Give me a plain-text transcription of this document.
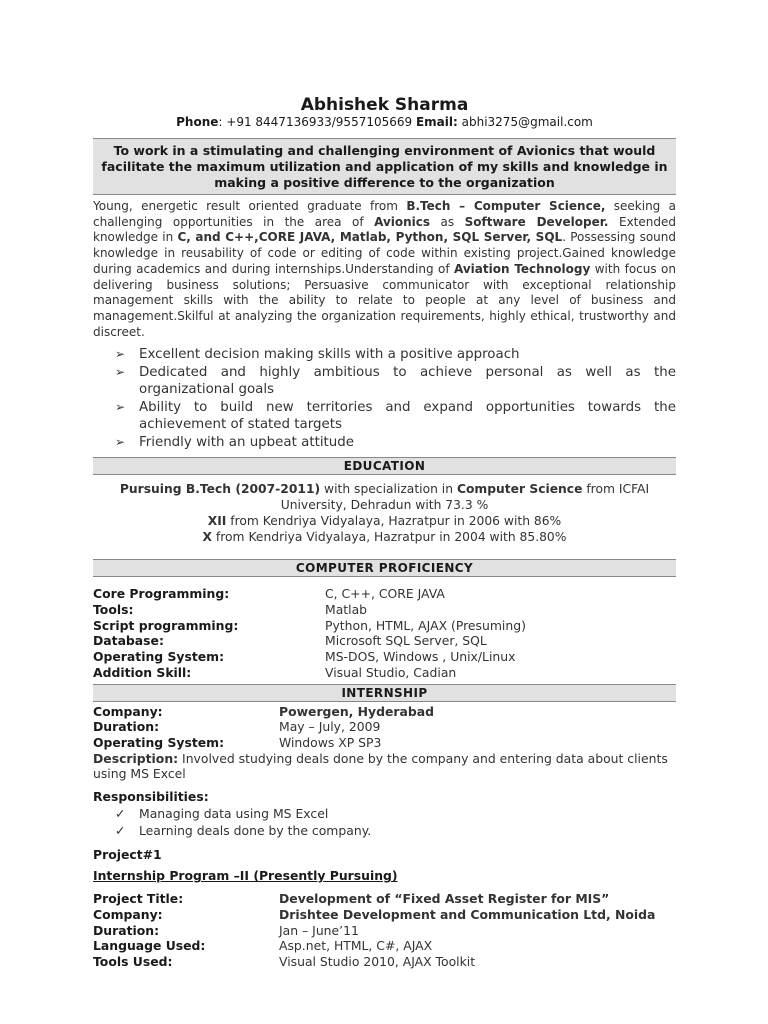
Abhishek Sharma
Phone: +91 8447136933/9557105669 Email: abhi3275@gmail.com
To work in a stimulating and challenging environment of Avionics that would facilitate the maximum utilization and application of my skills and knowledge in making a positive difference to the organization
Young, energetic result oriented graduate from B.Tech – Computer Science, seeking a challenging opportunities in the area of Avionics as Software Developer. Extended knowledge in C, and C++,CORE JAVA, Matlab, Python, SQL Server, SQL. Possessing sound knowledge in reusability of code or editing of code within existing project.Gained knowledge during academics and during internships.Understanding of Aviation Technology with focus on delivering business solutions; Persuasive communicator with exceptional relationship management skills with the ability to relate to people at any level of business and management.Skilful at analyzing the organization requirements, highly ethical, trustworthy and discreet.
➢ Excellent decision making skills with a positive approach
➢ Dedicated and highly ambitious to achieve personal as well as the organizational goals
➢ Ability to build new territories and expand opportunities towards the achievement of stated targets
➢ Friendly with an upbeat attitude
EDUCATION
Pursuing B.Tech (2007-2011) with specialization in Computer Science from ICFAI University, Dehradun with 73.3 %
XII from Kendriya Vidyalaya, Hazratpur in 2006 with 86%
X from Kendriya Vidyalaya, Hazratpur in 2004 with 85.80%
COMPUTER PROFICIENCY
Core Programming:	C, C++, CORE JAVA
Tools:	Matlab
Script programming:	Python, HTML, AJAX (Presuming)
Database:	Microsoft SQL Server, SQL
Operating System:	MS-DOS, Windows , Unix/Linux
Addition Skill:	Visual Studio, Cadian
INTERNSHIP
Company:	Powergen, Hyderabad
Duration:	May – July, 2009
Operating System:	Windows XP SP3
Description: Involved studying deals done by the company and entering data about clients using MS Excel
Responsibilities:
✓ Managing data using MS Excel
✓ Learning deals done by the company.
Project#1
Internship Program –II (Presently Pursuing)
Project Title:	Development of “Fixed Asset Register for MIS”
Company:	Drishtee Development and Communication Ltd, Noida
Duration:	Jan – June’11
Language Used:	Asp.net, HTML, C#, AJAX
Tools Used:	Visual Studio 2010, AJAX Toolkit
